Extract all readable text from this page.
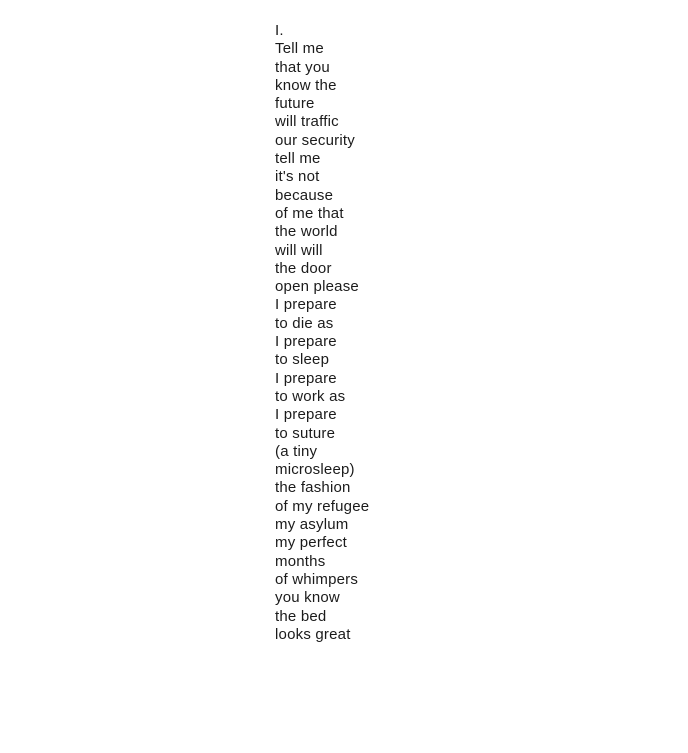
I.
Tell me
that you
know the
future
will traffic
our security
tell me
it's not
because
of me that
the world
will will
the door
open please
I prepare
to die as
I prepare
to sleep
I prepare
to work as
I prepare
to suture
(a tiny
microsleep)
the fashion
of my refugee
my asylum
my perfect
months
of whimpers
you know
the bed
looks great
